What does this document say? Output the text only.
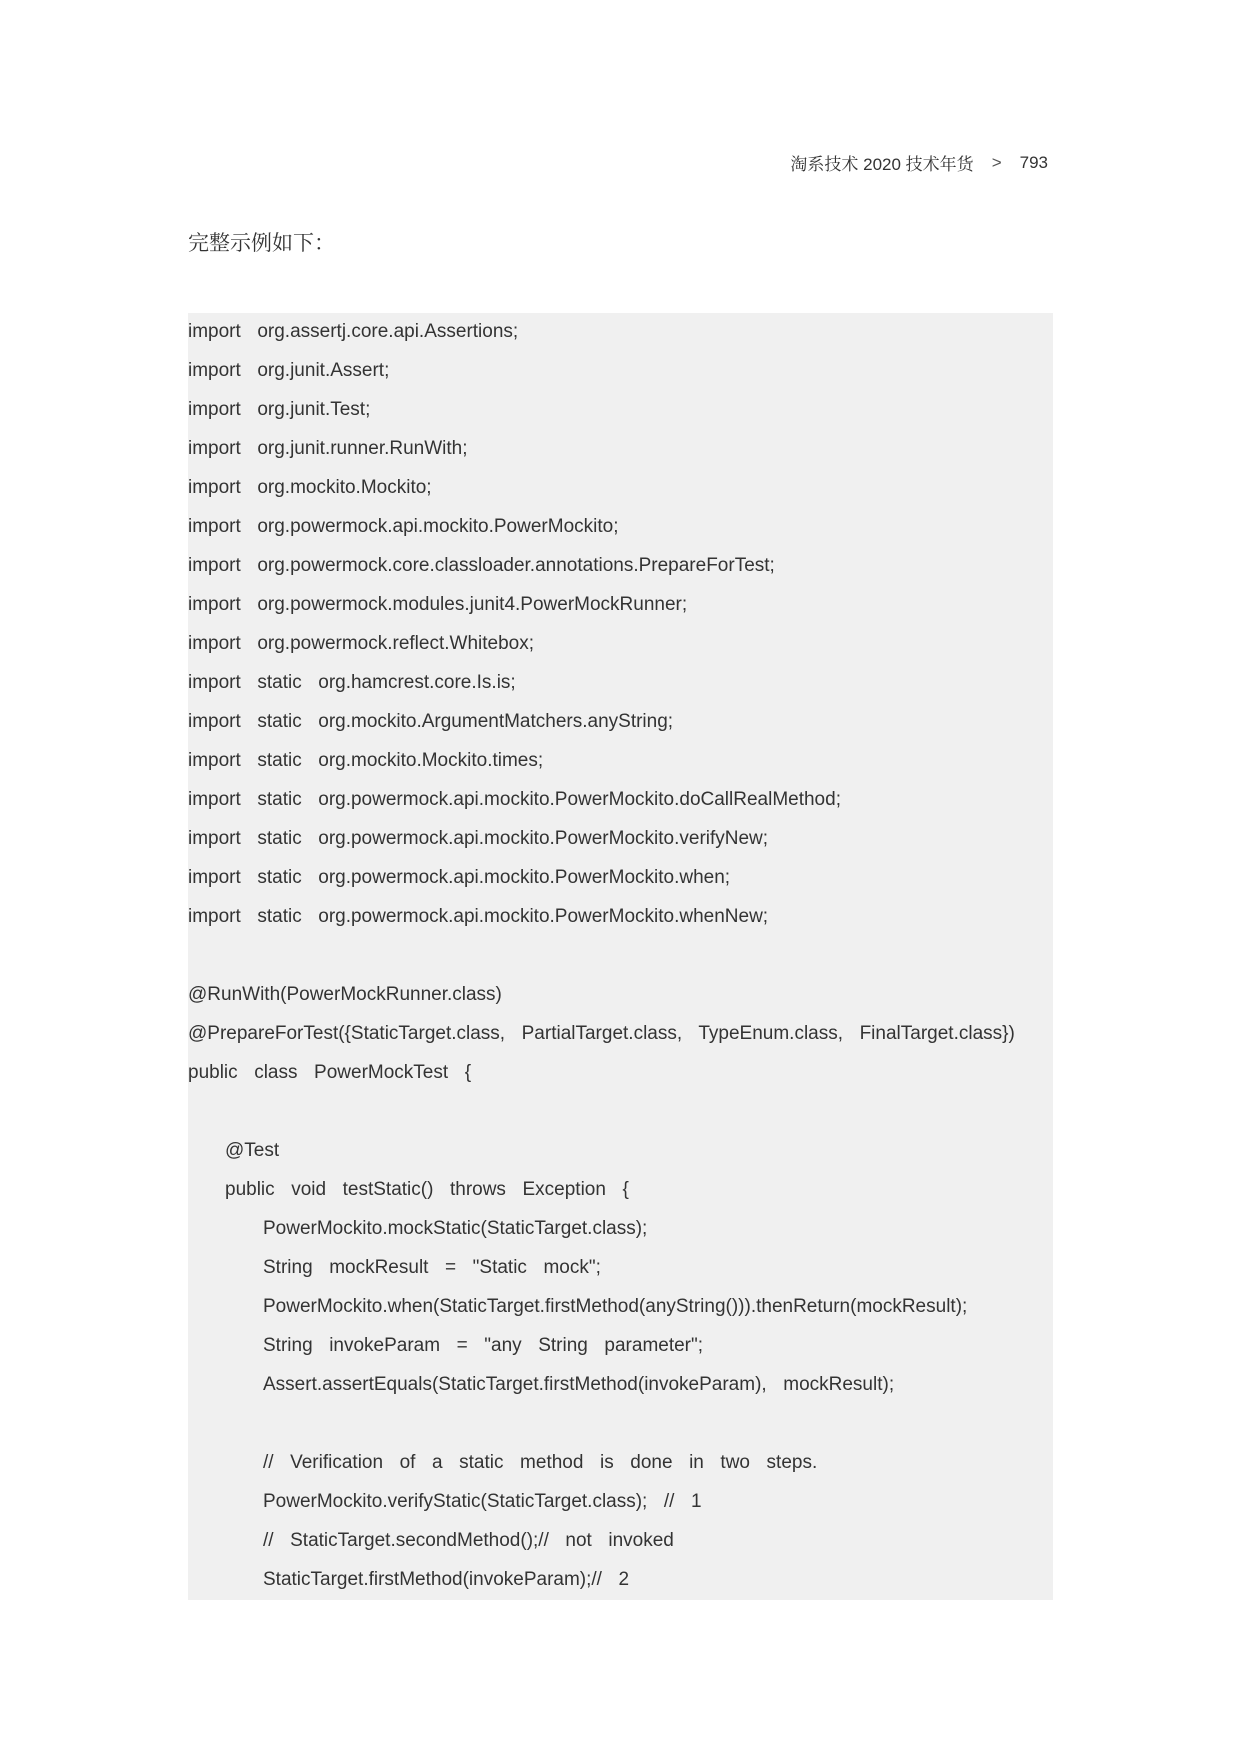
淘系技术 2020 技术年货 > 793
完整示例如下：
import  org.assertj.core.api.Assertions;
import  org.junit.Assert;
import  org.junit.Test;
import  org.junit.runner.RunWith;
import  org.mockito.Mockito;
import  org.powermock.api.mockito.PowerMockito;
import  org.powermock.core.classloader.annotations.PrepareForTest;
import  org.powermock.modules.junit4.PowerMockRunner;
import  org.powermock.reflect.Whitebox;
import  static  org.hamcrest.core.Is.is;
import  static  org.mockito.ArgumentMatchers.anyString;
import  static  org.mockito.Mockito.times;
import  static  org.powermock.api.mockito.PowerMockito.doCallRealMethod;
import  static  org.powermock.api.mockito.PowerMockito.verifyNew;
import  static  org.powermock.api.mockito.PowerMockito.when;
import  static  org.powermock.api.mockito.PowerMockito.whenNew;
@RunWith(PowerMockRunner.class)
@PrepareForTest({StaticTarget.class,  PartialTarget.class,  TypeEnum.class,  FinalTarget.class})
public  class  PowerMockTest  {
@Test
public  void  testStatic()  throws  Exception  {
PowerMockito.mockStatic(StaticTarget.class);
String  mockResult  =  "Static  mock";
PowerMockito.when(StaticTarget.firstMethod(anyString())).thenReturn(mockResult);
String  invokeParam  =  "any  String  parameter";
Assert.assertEquals(StaticTarget.firstMethod(invokeParam),  mockResult);
//  Verification  of  a  static  method  is  done  in  two  steps.
PowerMockito.verifyStatic(StaticTarget.class);  //  1
//  StaticTarget.secondMethod();//  not  invoked
StaticTarget.firstMethod(invokeParam);//  2
